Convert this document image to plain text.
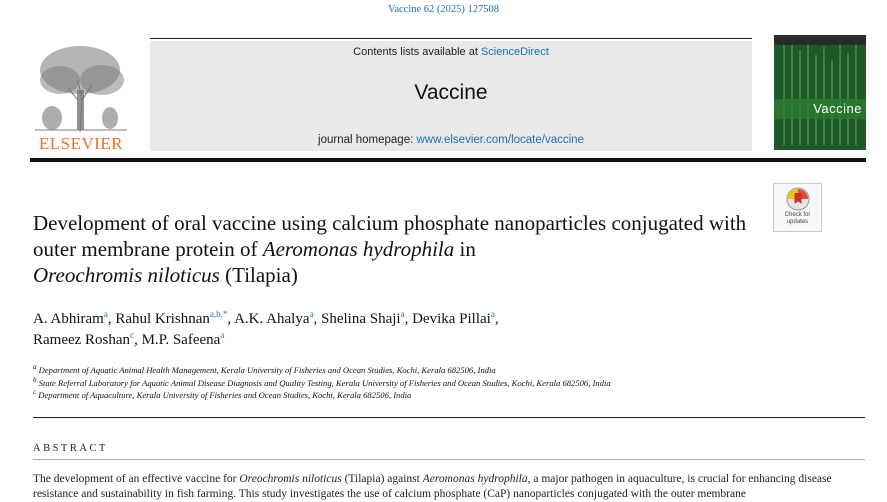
Vaccine 62 (2025) 127508
ELSEVIER
Contents lists available at ScienceDirect
Vaccine
journal homepage: www.elsevier.com/locate/vaccine
Vaccine
Check for
updates
Development of oral vaccine using calcium phosphate nanoparticles conjugated with outer membrane protein of Aeromonas hydrophila in
Oreochromis niloticus (Tilapia)
A. Abhiram$^a$, Rahul Krishnan$^{a,b,*}$, A.K. Ahalya$^a$, Shelina Shaji$^a$, Devika Pillai$^a$,
Rameez Roshan$^c$, M.P. Safeena$^a$
$^a$ Department of Aquatic Animal Health Management, Kerala University of Fisheries and Ocean Studies, Kochi, Kerala 682506, India
$^b$ State Referral Laboratory for Aquatic Animal Disease Diagnosis and Quality Testing, Kerala University of Fisheries and Ocean Studies, Kochi, Kerala 682506, India
$^c$ Department of Aquaculture, Kerala University of Fisheries and Ocean Studies, Kochi, Kerala 682506, India
ABSTRACT
The development of an effective vaccine for Oreochromis niloticus (Tilapia) against Aeromonas hydrophila, a major pathogen in aquaculture, is crucial for enhancing disease resistance and sustainability in fish farming. This study investigates the use of calcium phosphate (CaP) nanoparticles conjugated with the outer membrane
